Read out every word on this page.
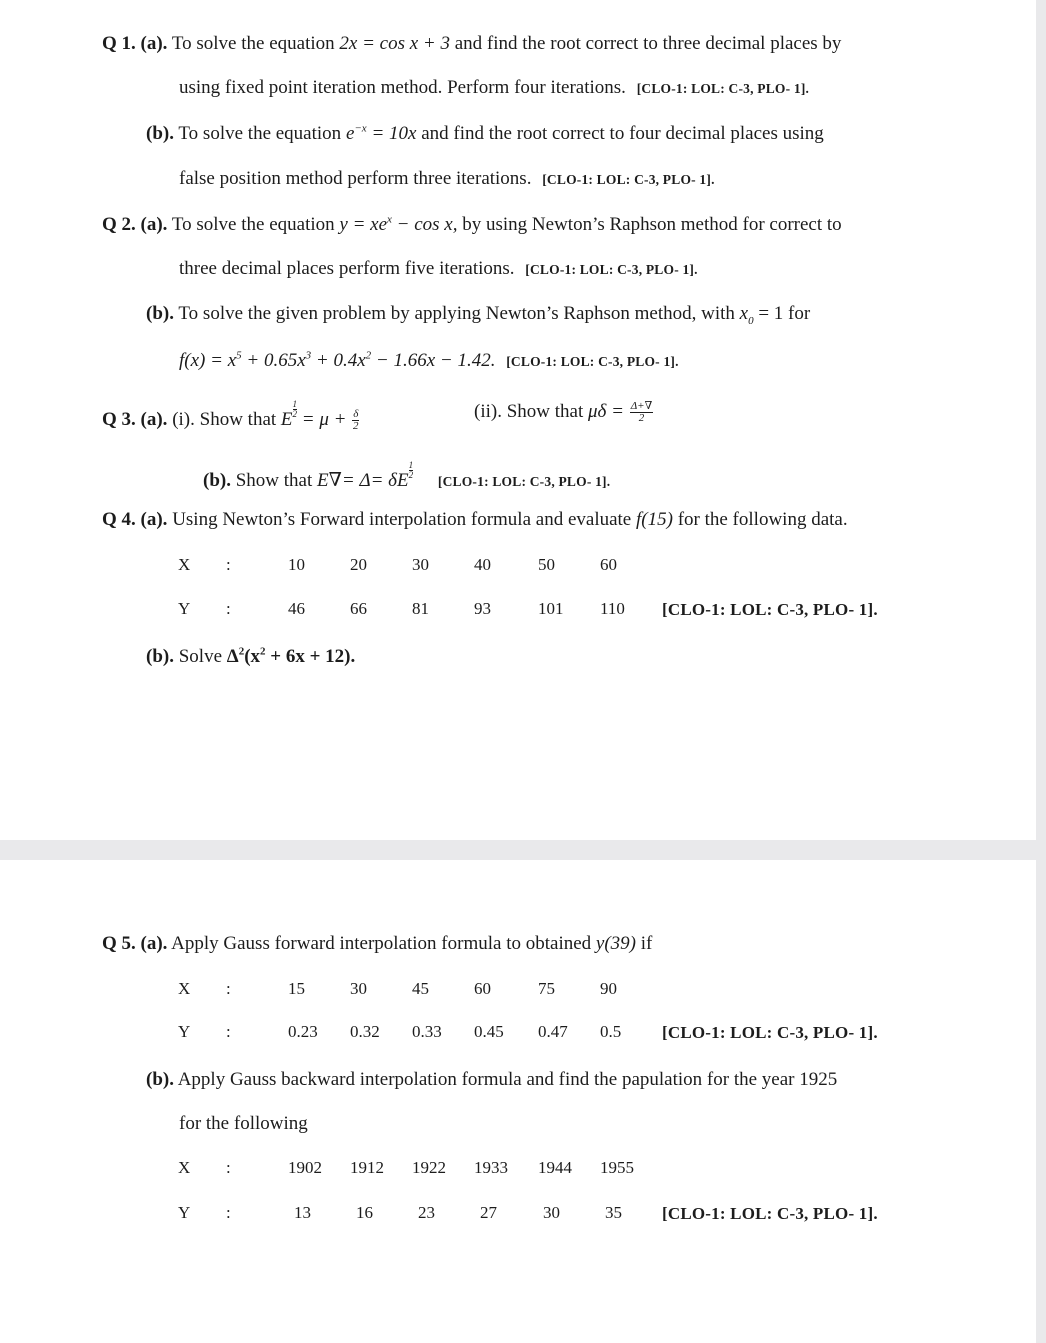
Q 1. (a). To solve the equation 2x = cos x + 3 and find the root correct to three decimal places by
using fixed point iteration method. Perform four iterations. [CLO-1: LOL: C-3, PLO- 1].
(b). To solve the equation $e^{-x} = 10x$ and find the root correct to four decimal places using
false position method perform three iterations. [CLO-1: LOL: C-3, PLO- 1].
Q 2. (a). To solve the equation $y = xe^x - \cos x$, by using Newton’s Raphson method for correct to
three decimal places perform five iterations. [CLO-1: LOL: C-3, PLO- 1].
(b). To solve the given problem by applying Newton’s Raphson method, with $x_0 = 1$ for
$f(x) = x^5 + 0.65x^3 + 0.4x^2 - 1.66x - 1.42$. [CLO-1: LOL: C-3, PLO- 1].
Q 3. (a). (i). Show that E $\frac{1}{2} = \mu + \frac{\delta}{2}$	(ii). Show that $\mu\delta = \frac{\Delta+\nabla}{2}$
(b). Show that E∇= Δ= δE $\frac{1}{2}$
[CLO-1: LOL: C-3, PLO- 1].
Q 4. (a). Using Newton’s Forward interpolation formula and evaluate f(15) for the following data.
X :	10	20	30	40	50	60
Y :	46	66	81	93	101 110 [CLO-1: LOL: C-3, PLO- 1].
(b). Solve $\Delta^2(x^2 + 6x + 12)$.
Q 5. (a). Apply Gauss forward interpolation formula to obtained y(39) if
X :	15	30	45	60	75	90
Y :	0.23 0.32 0.33 0.45 0.47 0.5 [CLO-1: LOL: C-3, PLO- 1].
(b). Apply Gauss backward interpolation formula and find the papulation for the year 1925
for the following
X :	1902 1912 1922 1933 1944 1955
Y :	13	16	23	27	30	35 [CLO-1: LOL: C-3, PLO- 1].
